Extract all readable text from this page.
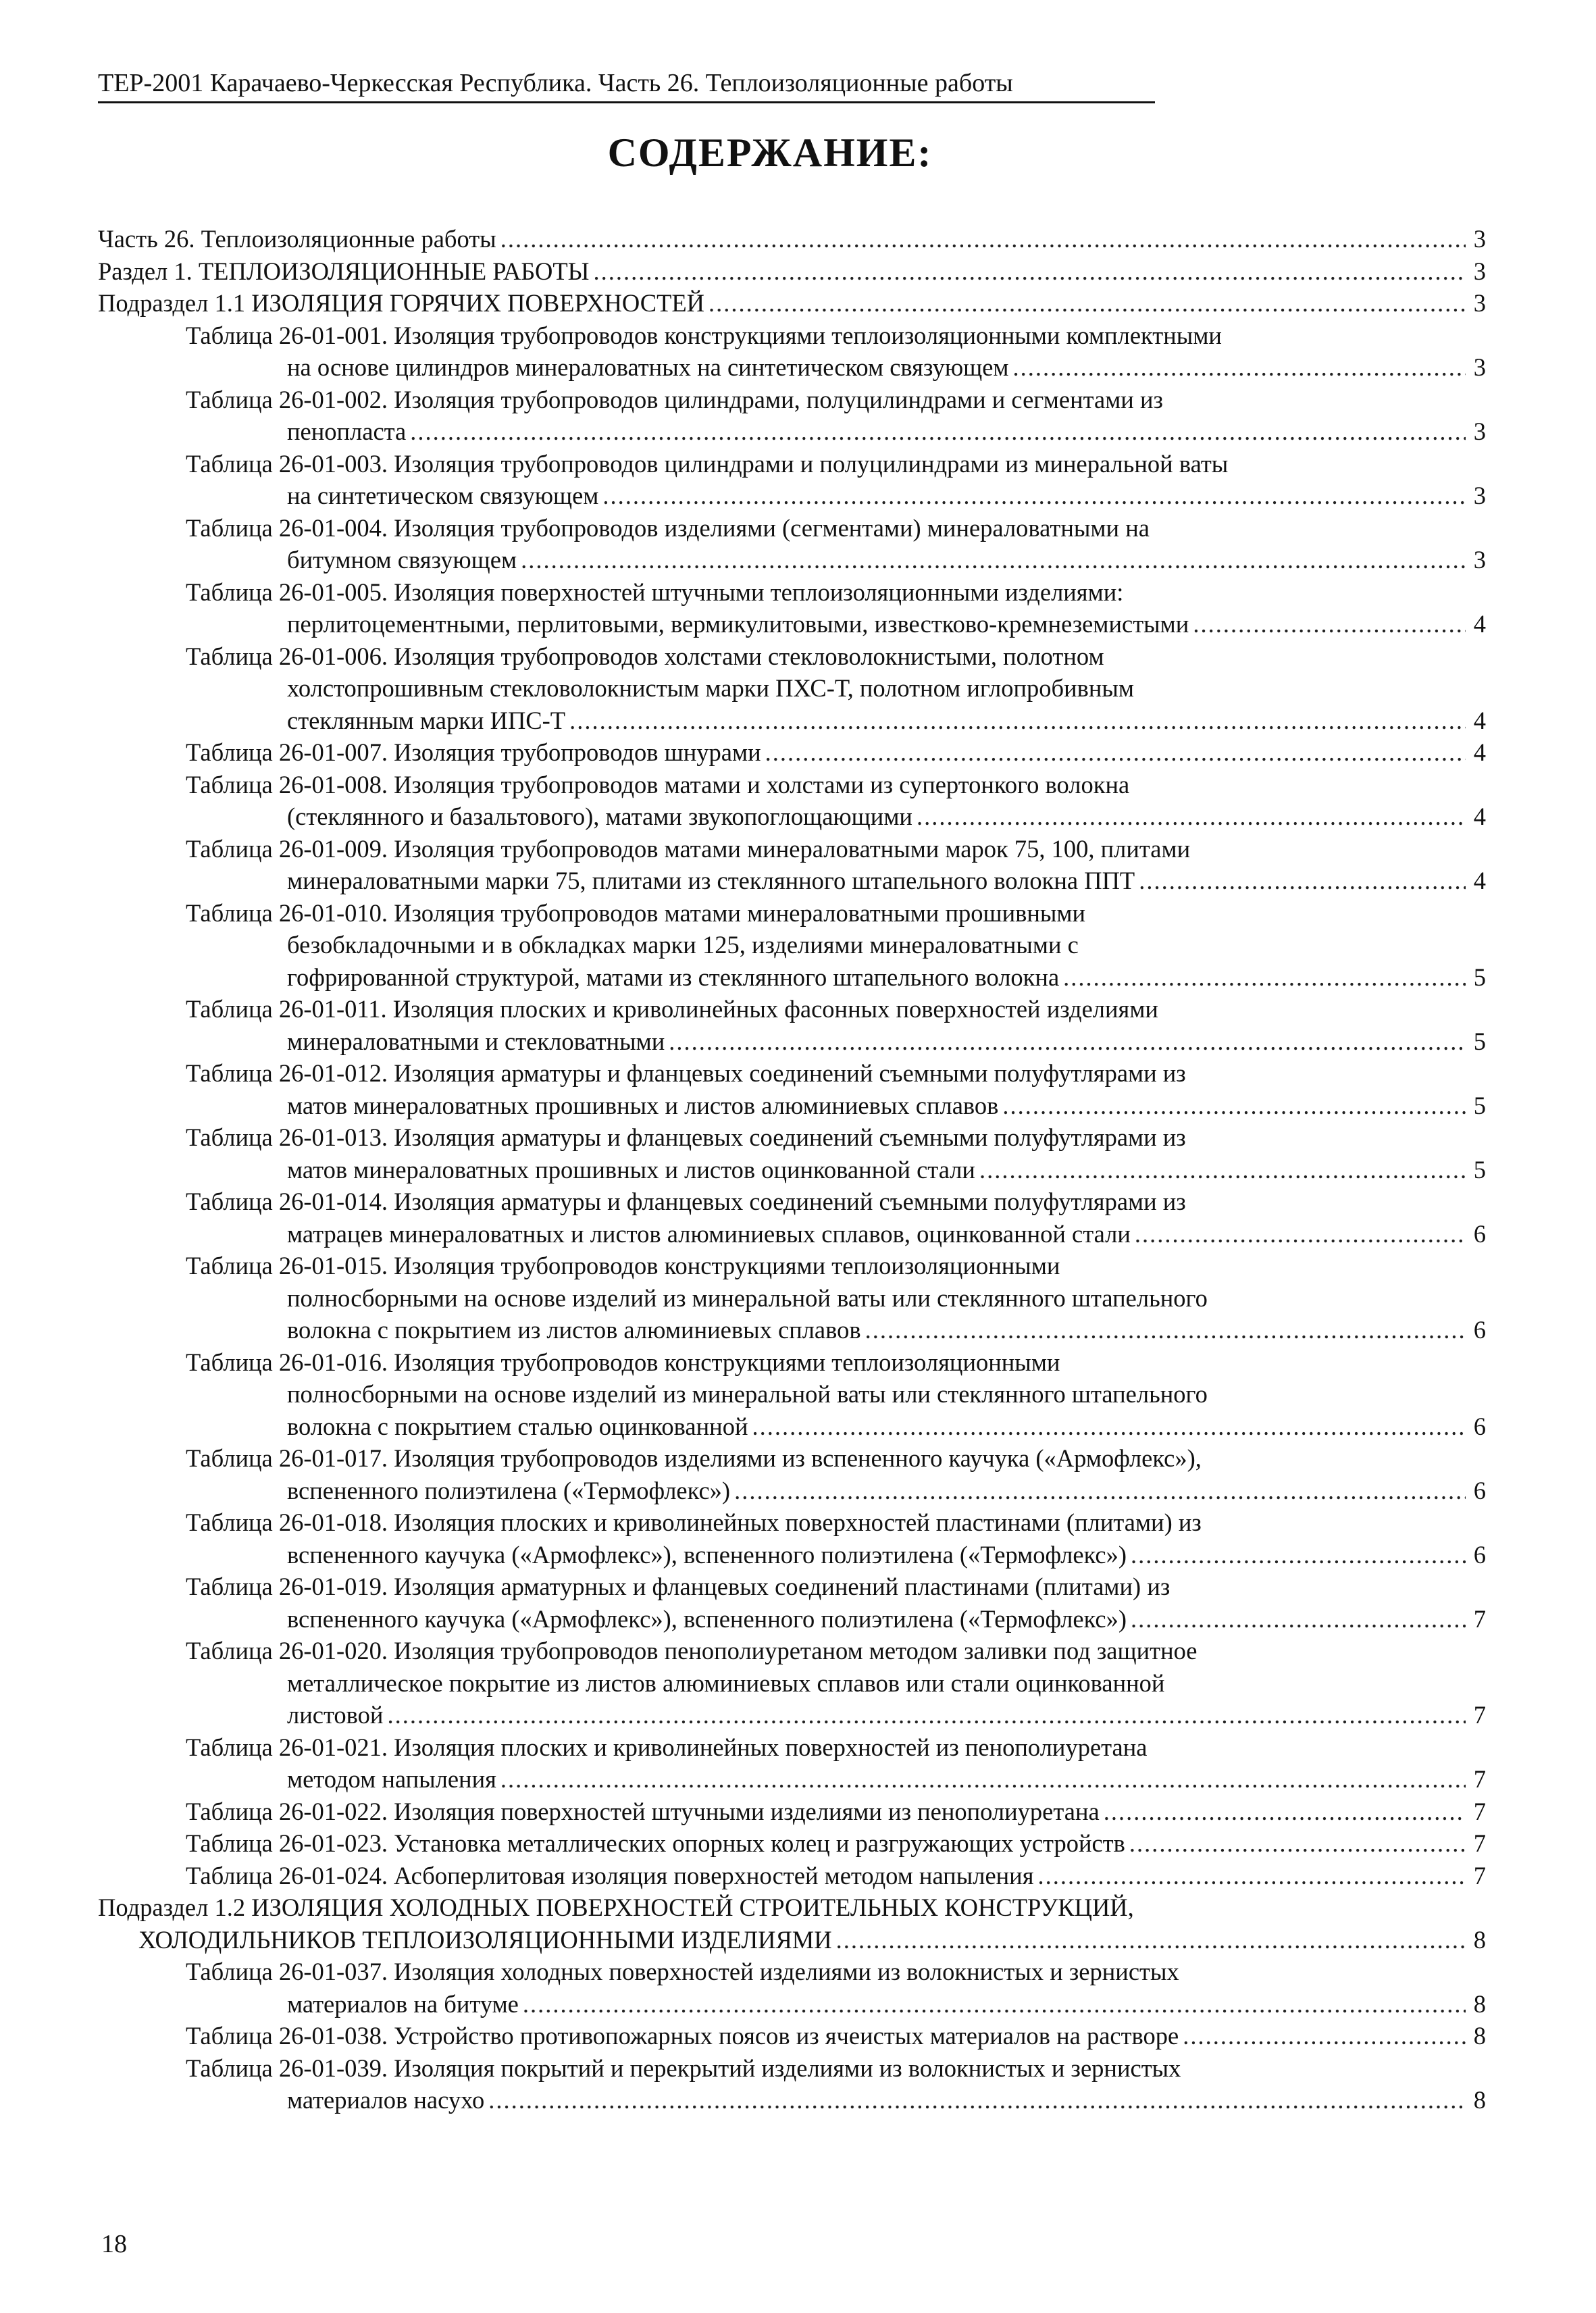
ТЕР-2001 Карачаево-Черкесская Республика. Часть 26. Теплоизоляционные работы
СОДЕРЖАНИЕ:
Часть 26. Теплоизоляционные работы .....	3
Раздел 1. ТЕПЛОИЗОЛЯЦИОННЫЕ РАБОТЫ .....	3
Подраздел 1.1 ИЗОЛЯЦИЯ ГОРЯЧИХ ПОВЕРХНОСТЕЙ .....	3
Таблица 26-01-001. Изоляция трубопроводов конструкциями теплоизоляционными комплектными
на основе цилиндров минераловатных на синтетическом связующем .....	3
Таблица 26-01-002. Изоляция трубопроводов цилиндрами, полуцилиндрами и сегментами из
пенопласта .....	3
Таблица 26-01-003. Изоляция трубопроводов цилиндрами и полуцилиндрами из минеральной ваты
на синтетическом связующем .....	3
Таблица 26-01-004. Изоляция трубопроводов изделиями (сегментами) минераловатными на
битумном связующем .....	3
Таблица 26-01-005. Изоляция поверхностей штучными теплоизоляционными изделиями:
перлитоцементными, перлитовыми, вермикулитовыми, известково-кремнеземистыми .....	4
Таблица 26-01-006. Изоляция трубопроводов холстами стекловолокнистыми, полотном
холстопрошивным стекловолокнистым марки ПХС-Т, полотном иглопробивным
стеклянным марки ИПС-Т .....	4
Таблица 26-01-007. Изоляция трубопроводов шнурами .....	4
Таблица 26-01-008. Изоляция трубопроводов матами и холстами из супертонкого волокна
(стеклянного и базальтового), матами звукопоглощающими .....	4
Таблица 26-01-009. Изоляция трубопроводов матами минераловатными марок 75, 100, плитами
минераловатными марки 75, плитами из стеклянного штапельного волокна ППТ .....	4
Таблица 26-01-010. Изоляция трубопроводов матами минераловатными прошивными
безобкладочными и в обкладках марки 125, изделиями минераловатными с
гофрированной структурой, матами из стеклянного штапельного волокна .....	5
Таблица 26-01-011. Изоляция плоских и криволинейных фасонных поверхностей изделиями
минераловатными и стекловатными .....	5
Таблица 26-01-012. Изоляция арматуры и фланцевых соединений съемными полуфутлярами из
матов минераловатных прошивных и листов алюминиевых сплавов .....	5
Таблица 26-01-013. Изоляция арматуры и фланцевых соединений съемными полуфутлярами из
матов минераловатных прошивных и листов оцинкованной стали .....	5
Таблица 26-01-014. Изоляция арматуры и фланцевых соединений съемными полуфутлярами из
матрацев минераловатных и листов алюминиевых сплавов, оцинкованной стали .....	6
Таблица 26-01-015. Изоляция трубопроводов конструкциями теплоизоляционными
полносборными на основе изделий из минеральной ваты или стеклянного штапельного
волокна с покрытием из листов алюминиевых сплавов .....	6
Таблица 26-01-016. Изоляция трубопроводов конструкциями теплоизоляционными
полносборными на основе изделий из минеральной ваты или стеклянного штапельного
волокна с покрытием сталью оцинкованной .....	6
Таблица 26-01-017. Изоляция трубопроводов изделиями из вспененного каучука («Армофлекс»),
вспененного полиэтилена («Термофлекс») .....	6
Таблица 26-01-018. Изоляция плоских и криволинейных поверхностей пластинами (плитами) из
вспененного каучука («Армофлекс»), вспененного полиэтилена («Термофлекс») .....	6
Таблица 26-01-019. Изоляция арматурных и фланцевых соединений пластинами (плитами) из
вспененного каучука («Армофлекс»), вспененного полиэтилена («Термофлекс») .....	7
Таблица 26-01-020. Изоляция трубопроводов пенополиуретаном методом заливки под защитное
металлическое покрытие из листов алюминиевых сплавов или стали оцинкованной
листовой .....	7
Таблица 26-01-021. Изоляция плоских и криволинейных поверхностей из пенополиуретана
методом напыления .....	7
Таблица 26-01-022. Изоляция поверхностей штучными изделиями из пенополиуретана .....	7
Таблица 26-01-023. Установка металлических опорных колец и разгружающих устройств .....	7
Таблица 26-01-024. Асбоперлитовая изоляция поверхностей методом напыления .....	7
Подраздел 1.2 ИЗОЛЯЦИЯ ХОЛОДНЫХ ПОВЕРХНОСТЕЙ СТРОИТЕЛЬНЫХ КОНСТРУКЦИЙ,
ХОЛОДИЛЬНИКОВ ТЕПЛОИЗОЛЯЦИОННЫМИ ИЗДЕЛИЯМИ .....	8
Таблица 26-01-037. Изоляция холодных поверхностей изделиями из волокнистых и зернистых
материалов на битуме .....	8
Таблица 26-01-038. Устройство противопожарных поясов из ячеистых материалов на растворе .....	8
Таблица 26-01-039. Изоляция покрытий и перекрытий изделиями из волокнистых и зернистых
материалов насухо .....	8
18
